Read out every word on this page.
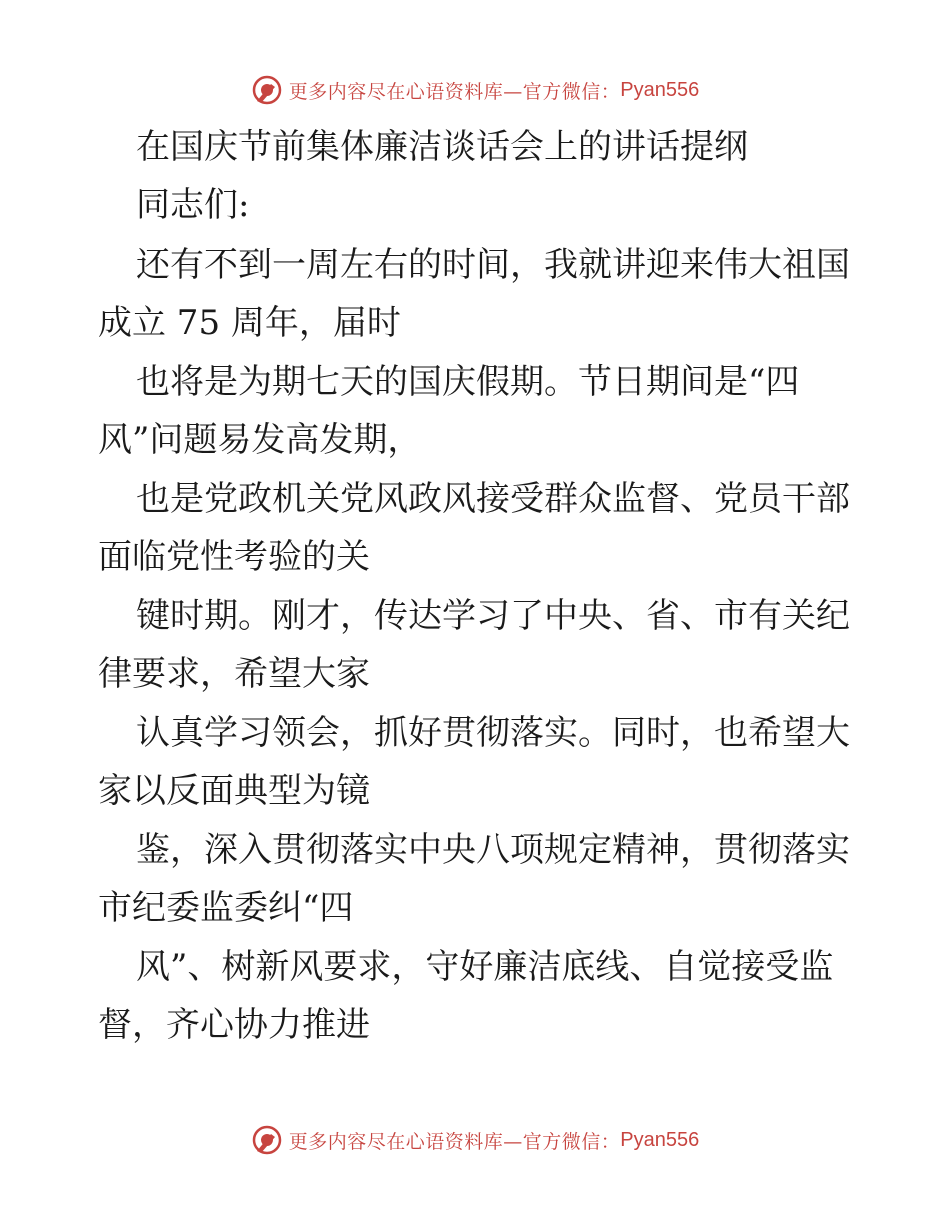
更多内容尽在心语资料库—官方微信： Pyan556
在国庆节前集体廉洁谈话会上的讲话提纲
同志们:
还有不到一周左右的时间，我就讲迎来伟大祖国
成立 75 周年，届时
也将是为期七天的国庆假期。节日期间是“四
风”问题易发高发期，
也是党政机关党风政风接受群众监督、党员干部
面临党性考验的关
键时期。刚才，传达学习了中央、省、市有关纪
律要求，希望大家
认真学习领会，抓好贯彻落实。同时，也希望大
家以反面典型为镜
鉴，深入贯彻落实中央八项规定精神，贯彻落实
市纪委监委纠“四
风”、树新风要求，守好廉洁底线、自觉接受监
督，齐心协力推进
更多内容尽在心语资料库—官方微信： Pyan556
